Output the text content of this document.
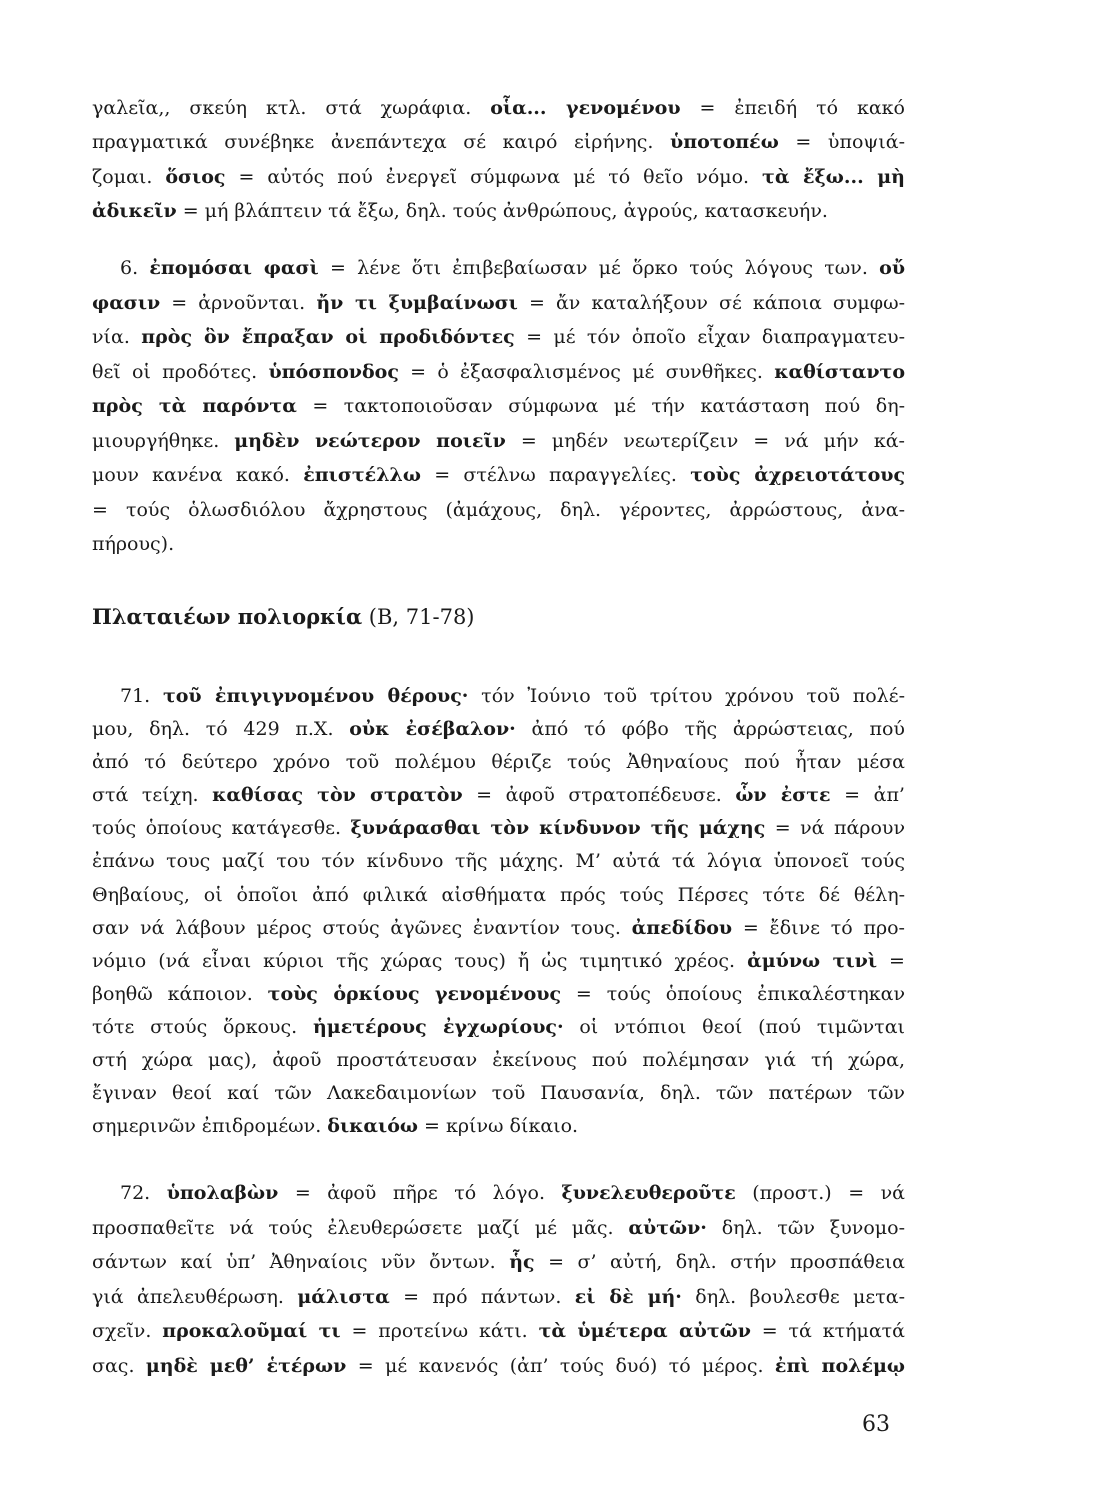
γαλεῖα,, σκεύη κτλ. στά χωράφια. οἷα... γενομένου = ἐπειδή τό κακό
πραγματικά συνέβηκε ἀνεπάντεχα σέ καιρό εἰρήνης. ὑποτοπέω = ὑποψιά-
ζομαι. ὅσιος = αὐτός πού ἐνεργεῖ σύμφωνα μέ τό θεῖο νόμο. τὰ ἔξω... μὴ
ἀδικεῖν = μή βλάπτειν τά ἔξω, δηλ. τούς ἀνθρώπους, ἀγρούς, κατασκευήν.
6. ἐπομόσαι φασὶ = λένε ὅτι ἐπιβεβαίωσαν μέ ὅρκο τούς λόγους των. οὔ
φασιν = ἀρνοῦνται. ἤν τι ξυμβαίνωσι = ἄν καταλήξουν σέ κάποια συμφω-
νία. πρὸς ὃν ἔπραξαν οἱ προδιδόντες = μέ τόν ὁποῖο εἶχαν διαπραγματευ-
θεῖ οἱ προδότες. ὑπόσπονδος = ὁ ἐξασφαλισμένος μέ συνθῆκες. καθίσταντο
πρὸς τὰ παρόντα = τακτοποιοῦσαν σύμφωνα μέ τήν κατάσταση πού δη-
μιουργήθηκε. μηδὲν νεώτερον ποιεῖν = μηδέν νεωτερίζειν = νά μήν κά-
μουν κανένα κακό. ἐπιστέλλω = στέλνω παραγγελίες. τοὺς ἀχρειοτάτους
= τούς ὁλωσδιόλου ἄχρηστους (ἀμάχους, δηλ. γέροντες, ἀρρώστους, ἀνα-
πήρους).
Πλαταιέων πολιορκία (Β, 71-78)
71. τοῦ ἐπιγιγνομένου θέρους· τόν Ἰούνιο τοῦ τρίτου χρόνου τοῦ πολέ-
μου, δηλ. τό 429 π.Χ. οὐκ ἐσέβαλον· ἀπό τό φόβο τῆς ἀρρώστειας, πού
ἀπό τό δεύτερο χρόνο τοῦ πολέμου θέριζε τούς Ἀθηναίους πού ἦταν μέσα
στά τείχη. καθίσας τὸν στρατὸν = ἀφοῦ στρατοπέδευσε. ὧν ἐστε = ἀπ’
τούς ὁποίους κατάγεσθε. ξυνάρασθαι τὸν κίνδυνον τῆς μάχης = νά πάρουν
ἐπάνω τους μαζί του τόν κίνδυνο τῆς μάχης. Μ’ αὐτά τά λόγια ὑπονοεῖ τούς
Θηβαίους, οἱ ὁποῖοι ἀπό φιλικά αἰσθήματα πρός τούς Πέρσες τότε δέ θέλη-
σαν νά λάβουν μέρος στούς ἀγῶνες ἐναντίον τους. ἀπεδίδου = ἔδινε τό προ-
νόμιο (νά εἶναι κύριοι τῆς χώρας τους) ἤ ὡς τιμητικό χρέος. ἀμύνω τινὶ =
βοηθῶ κάποιον. τοὺς ὁρκίους γενομένους = τούς ὁποίους ἐπικαλέστηκαν
τότε στούς ὅρκους. ἡμετέρους ἐγχωρίους· οἱ ντόπιοι θεοί (πού τιμῶνται
στή χώρα μας), ἀφοῦ προστάτευσαν ἐκείνους πού πολέμησαν γιά τή χώρα,
ἔγιναν θεοί καί τῶν Λακεδαιμονίων τοῦ Παυσανία, δηλ. τῶν πατέρων τῶν
σημερινῶν ἐπιδρομέων. δικαιόω = κρίνω δίκαιο.
72. ὑπολαβὼν = ἀφοῦ πῆρε τό λόγο. ξυνελευθεροῦτε (προστ.) = νά
προσπαθεῖτε νά τούς ἐλευθερώσετε μαζί μέ μᾶς. αὐτῶν· δηλ. τῶν ξυνομο-
σάντων καί ὑπ’ Ἀθηναίοις νῦν ὄντων. ἧς = σ’ αὐτή, δηλ. στήν προσπάθεια
γιά ἀπελευθέρωση. μάλιστα = πρό πάντων. εἰ δὲ μή· δηλ. βουλεσθε μετα-
σχεῖν. προκαλοῦμαί τι = προτείνω κάτι. τὰ ὑμέτερα αὐτῶν = τά κτήματά
σας. μηδὲ μεθ’ ἑτέρων = μέ κανενός (ἀπ’ τούς δυό) τό μέρος. ἐπὶ πολέμῳ
63
